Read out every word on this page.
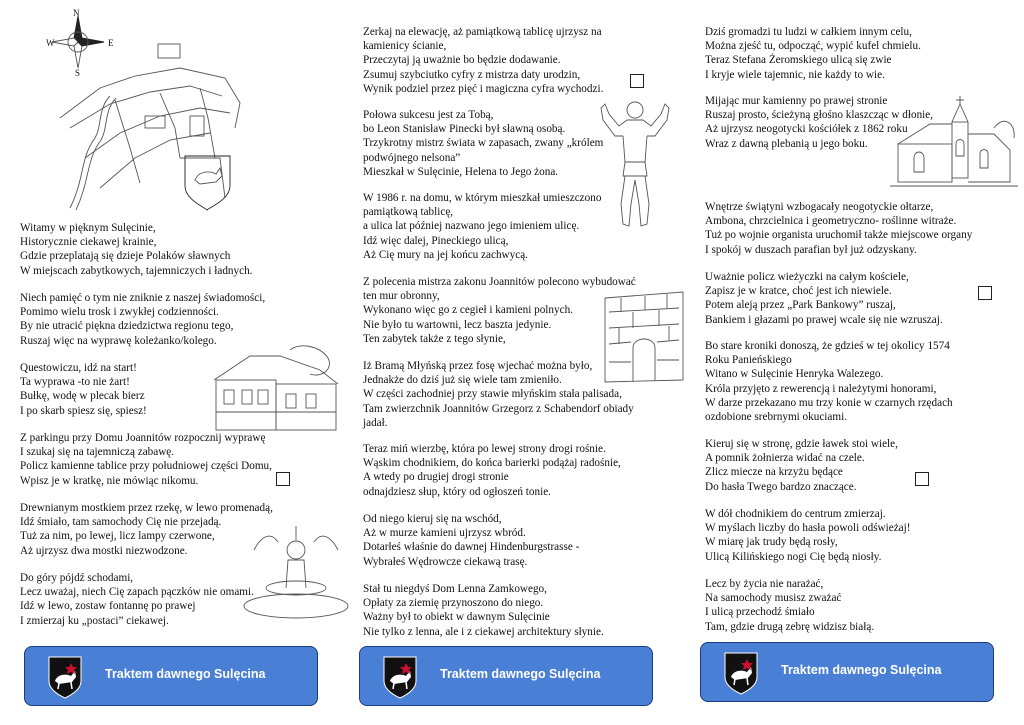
N
E
W
S

Witamy w pięknym Sulęcinie,
Historycznie ciekawej krainie,
Gdzie przeplatają się dzieje Polaków sławnych
W miejscach zabytkowych, tajemniczych i ładnych.

Niech pamięć o tym nie zniknie z naszej świadomości,
Pomimo wielu trosk i zwykłej codzienności.
By nie utracić piękna dziedzictwa regionu tego,
Ruszaj więc na wyprawę koleżanko/kolego.

Questowiczu, idź na start!
Ta wyprawa -to nie żart!
Bułkę, wodę w plecak bierz
I po skarb spiesz się, spiesz!

Z parkingu przy Domu Joannitów rozpocznij wyprawę
I szukaj się na tajemniczą zabawę.
Policz kamienne tablice przy południowej części Domu,
Wpisz je w kratkę, nie mówiąc nikomu.

Drewnianym mostkiem przez rzekę, w lewo promenadą,
Idź śmiało, tam samochody Cię nie przejadą.
Tuż za nim, po lewej, licz lampy czerwone,
Aż ujrzysz dwa mostki niezwodzone.

Do góry pójdź schodami,
Lecz uważaj, niech Cię zapach pączków nie omami.
Idź w lewo, zostaw fontannę po prawej
I zmierzaj ku „postaci” ciekawej.

Traktem dawnego Sulęcina

Zerkaj na elewację, aż pamiątkową tablicę ujrzysz na
kamienicy ścianie,
Przeczytaj ją uważnie bo będzie dodawanie.
Zsumuj szybciutko cyfry z mistrza daty urodzin,
Wynik podziel przez pięć i magiczna cyfra wychodzi.

Połowa sukcesu jest za Tobą,
bo Leon Stanisław Pinecki był sławną osobą.
Trzykrotny mistrz świata w zapasach, zwany „królem
podwójnego nelsona”
Mieszkał w Sulęcinie, Helena to Jego żona.

W 1986 r. na domu, w którym mieszkał umieszczono
pamiątkową tablicę,
a ulica lat później nazwano jego imieniem ulicę.
Idź więc dalej, Pineckiego ulicą,
Aż Cię mury na jej końcu zachwycą.

Z polecenia mistrza zakonu Joannitów polecono wybudować
ten mur obronny,
Wykonano więc go z cegieł i kamieni polnych.
Nie było tu wartowni, lecz baszta jedynie.
Ten zabytek także z tego słynie,

Iż Bramą Młyńską przez fosę wjechać można było,
Jednakże do dziś już się wiele tam zmieniło.
W części zachodniej przy stawie młyńskim stała palisada,
Tam zwierzchnik Joannitów Grzegorz z Schabendorf obiady
jadał.

Teraz miń wierzbę, która po lewej strony drogi rośnie.
Wąskim chodnikiem, do końca barierki podążaj radośnie,
A wtedy po drugiej drogi stronie
odnajdziesz słup, który od ogłoszeń tonie.

Od niego kieruj się na wschód,
Aż w murze kamieni ujrzysz wbród.
Dotarłeś właśnie do dawnej Hindenburgstrasse -
Wybrałeś Wędrowcze ciekawą trasę.

Stał tu niegdyś Dom Lenna Zamkowego,
Opłaty za ziemię przynoszono do niego.
Ważny był to obiekt w dawnym Sulęcinie
Nie tylko z lenna, ale i z ciekawej architektury słynie.

Traktem dawnego Sulęcina

Dziś gromadzi tu ludzi w całkiem innym celu,
Można zjeść tu, odpocząć, wypić kufel chmielu.
Teraz Stefana Żeromskiego ulicą się zwie
I kryje wiele tajemnic, nie każdy to wie.

Mijając mur kamienny po prawej stronie
Ruszaj prosto, ścieżyną głośno klaszcząc w dłonie,
Aż ujrzysz neogotycki kościółek z 1862 roku
Wraz z dawną plebanią u jego boku.

Wnętrze świątyni wzbogacały neogotyckie ołtarze,
Ambona, chrzcielnica i geometryczno- roślinne witraże.
Tuż po wojnie organista uruchomił także miejscowe organy
I spokój w duszach parafian był już odzyskany.

Uważnie policz wieżyczki na całym kościele,
Zapisz je w kratce, choć jest ich niewiele.
Potem aleją przez „Park Bankowy” ruszaj,
Bankiem i głazami po prawej wcale się nie wzruszaj.

Bo stare kroniki donoszą, że gdzieś w tej okolicy 1574
Roku Panieńskiego
Witano w Sulęcinie Henryka Walezego.
Króla przyjęto z rewerencją i należytymi honorami,
W darze przekazano mu trzy konie w czarnych rzędach
ozdobione srebrnymi okuciami.

Kieruj się w stronę, gdzie ławek stoi wiele,
A pomnik żołnierza widać na czele.
Zlicz miecze na krzyżu będące
Do hasła Twego bardzo znaczące.

W dół chodnikiem do centrum zmierzaj.
W myślach liczby do hasła powoli odświeżaj!
W miarę jak trudy będą rosły,
Ulicą Kilińskiego nogi Cię będą niosły.

Lecz by życia nie narażać,
Na samochody musisz zważać
I ulicą przechodź śmiało
Tam, gdzie drugą zebrę widzisz białą.

Traktem dawnego Sulęcina
